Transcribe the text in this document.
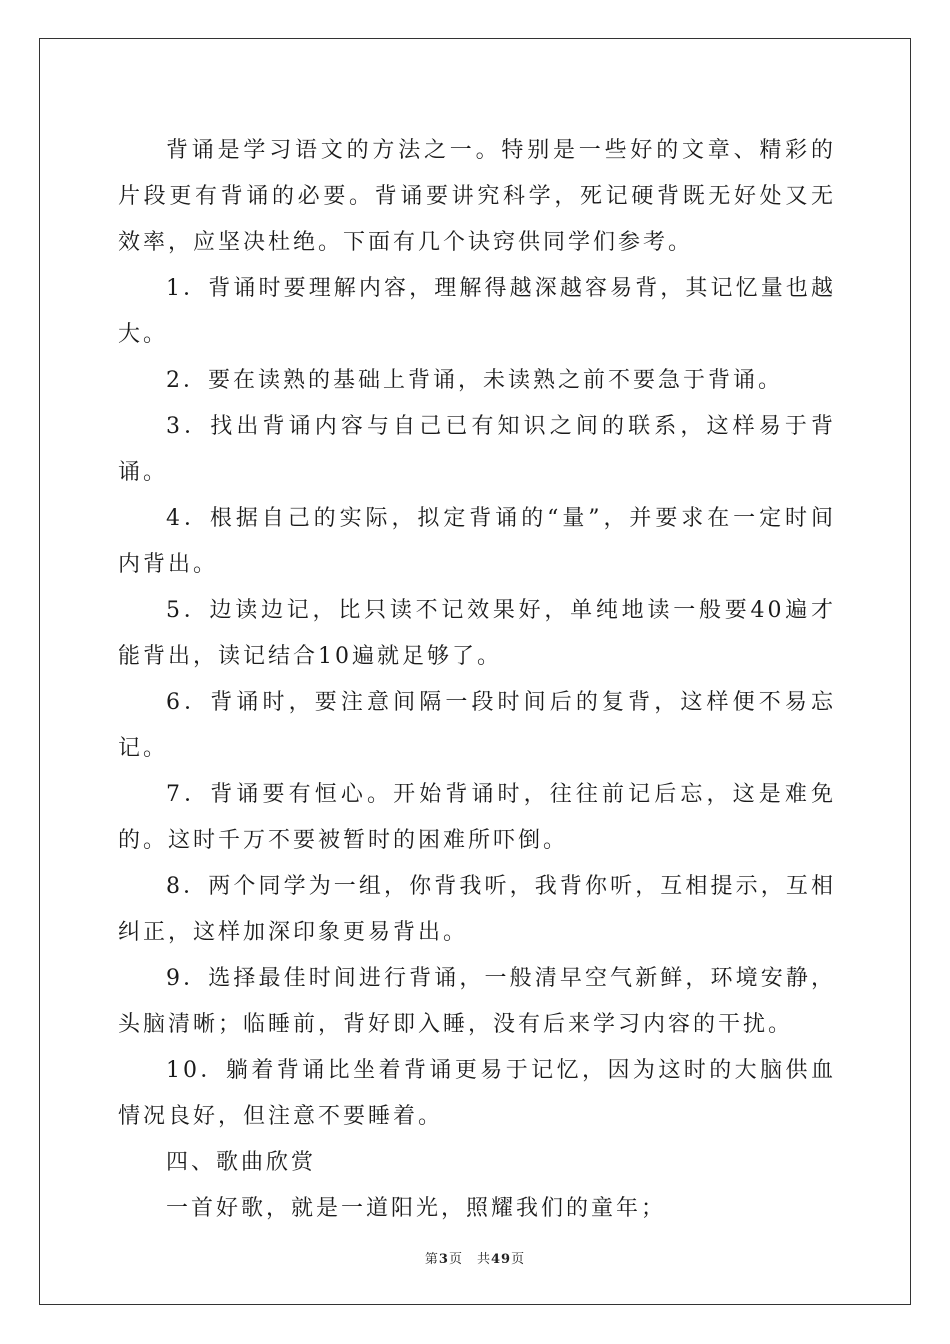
背诵是学习语文的方法之一。特别是一些好的文章、精彩的片段更有背诵的必要。背诵要讲究科学，死记硬背既无好处又无效率，应坚决杜绝。下面有几个诀窍供同学们参考。

1．背诵时要理解内容，理解得越深越容易背，其记忆量也越大。

2．要在读熟的基础上背诵，未读熟之前不要急于背诵。

3．找出背诵内容与自己已有知识之间的联系，这样易于背诵。

4．根据自己的实际，拟定背诵的“量”，并要求在一定时间内背出。

5．边读边记，比只读不记效果好，单纯地读一般要40遍才能背出，读记结合10遍就足够了。

6．背诵时，要注意间隔一段时间后的复背，这样便不易忘记。

7．背诵要有恒心。开始背诵时，往往前记后忘，这是难免的。这时千万不要被暂时的困难所吓倒。

8．两个同学为一组，你背我听，我背你听，互相提示，互相纠正，这样加深印象更易背出。

9．选择最佳时间进行背诵，一般清早空气新鲜，环境安静，头脑清晰；临睡前，背好即入睡，没有后来学习内容的干扰。

10．躺着背诵比坐着背诵更易于记忆，因为这时的大脑供血情况良好，但注意不要睡着。

四、歌曲欣赏

一首好歌，就是一道阳光，照耀我们的童年；

第3页 共49页
